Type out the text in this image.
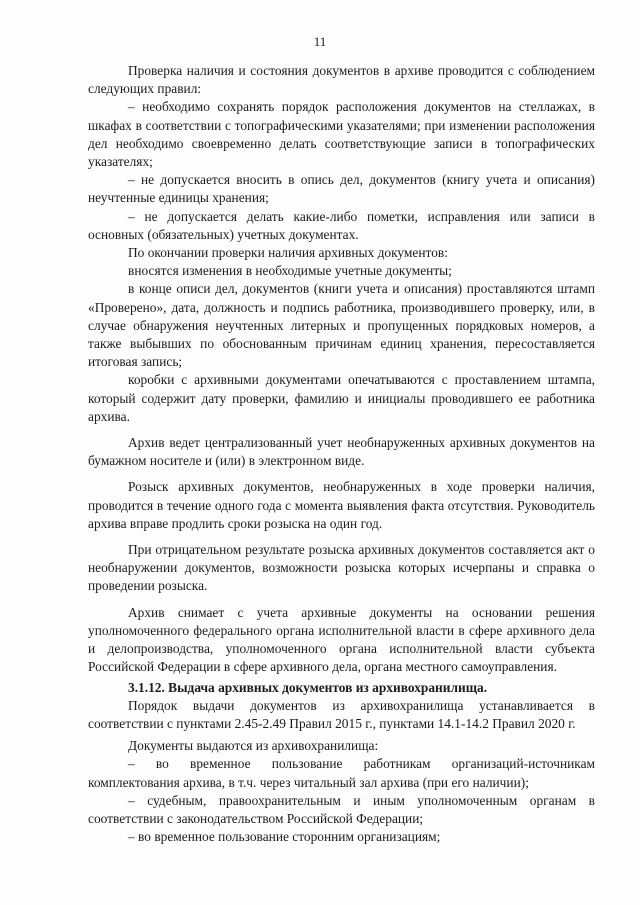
11

Проверка наличия и состояния документов в архиве проводится с соблюдением следующих правил:

– необходимо сохранять порядок расположения документов на стеллажах, в шкафах в соответствии с топографическими указателями; при изменении расположения дел необходимо своевременно делать соответствующие записи в топографических указателях;

– не допускается вносить в опись дел, документов (книгу учета и описания) неучтенные единицы хранения;

– не допускается делать какие-либо пометки, исправления или записи в основных (обязательных) учетных документах.

По окончании проверки наличия архивных документов:

вносятся изменения в необходимые учетные документы;

в конце описи дел, документов (книги учета и описания) проставляются штамп «Проверено», дата, должность и подпись работника, производившего проверку, или, в случае обнаружения неучтенных литерных и пропущенных порядковых номеров, а также выбывших по обоснованным причинам единиц хранения, пересоставляется итоговая запись;

коробки с архивными документами опечатываются с проставлением штампа, который содержит дату проверки, фамилию и инициалы проводившего ее работника архива.

Архив ведет централизованный учет необнаруженных архивных документов на бумажном носителе и (или) в электронном виде.

Розыск архивных документов, необнаруженных в ходе проверки наличия, проводится в течение одного года с момента выявления факта отсутствия. Руководитель архива вправе продлить сроки розыска на один год.

При отрицательном результате розыска архивных документов составляется акт о необнаружении документов, возможности розыска которых исчерпаны и справка о проведении розыска.

Архив снимает с учета архивные документы на основании решения уполномоченного федерального органа исполнительной власти в сфере архивного дела и делопроизводства, уполномоченного органа исполнительной власти субъекта Российской Федерации в сфере архивного дела, органа местного самоуправления.

3.1.12. Выдача архивных документов из архивохранилища.

Порядок выдачи документов из архивохранилища устанавливается в соответствии с пунктами 2.45-2.49 Правил 2015 г., пунктами 14.1-14.2 Правил 2020 г.

Документы выдаются из архивохранилища:

– во временное пользование работникам организаций-источникам комплектования архива, в т.ч. через читальный зал архива (при его наличии);

– судебным, правоохранительным и иным уполномоченным органам в соответствии с законодательством Российской Федерации;

– во временное пользование сторонним организациям;
